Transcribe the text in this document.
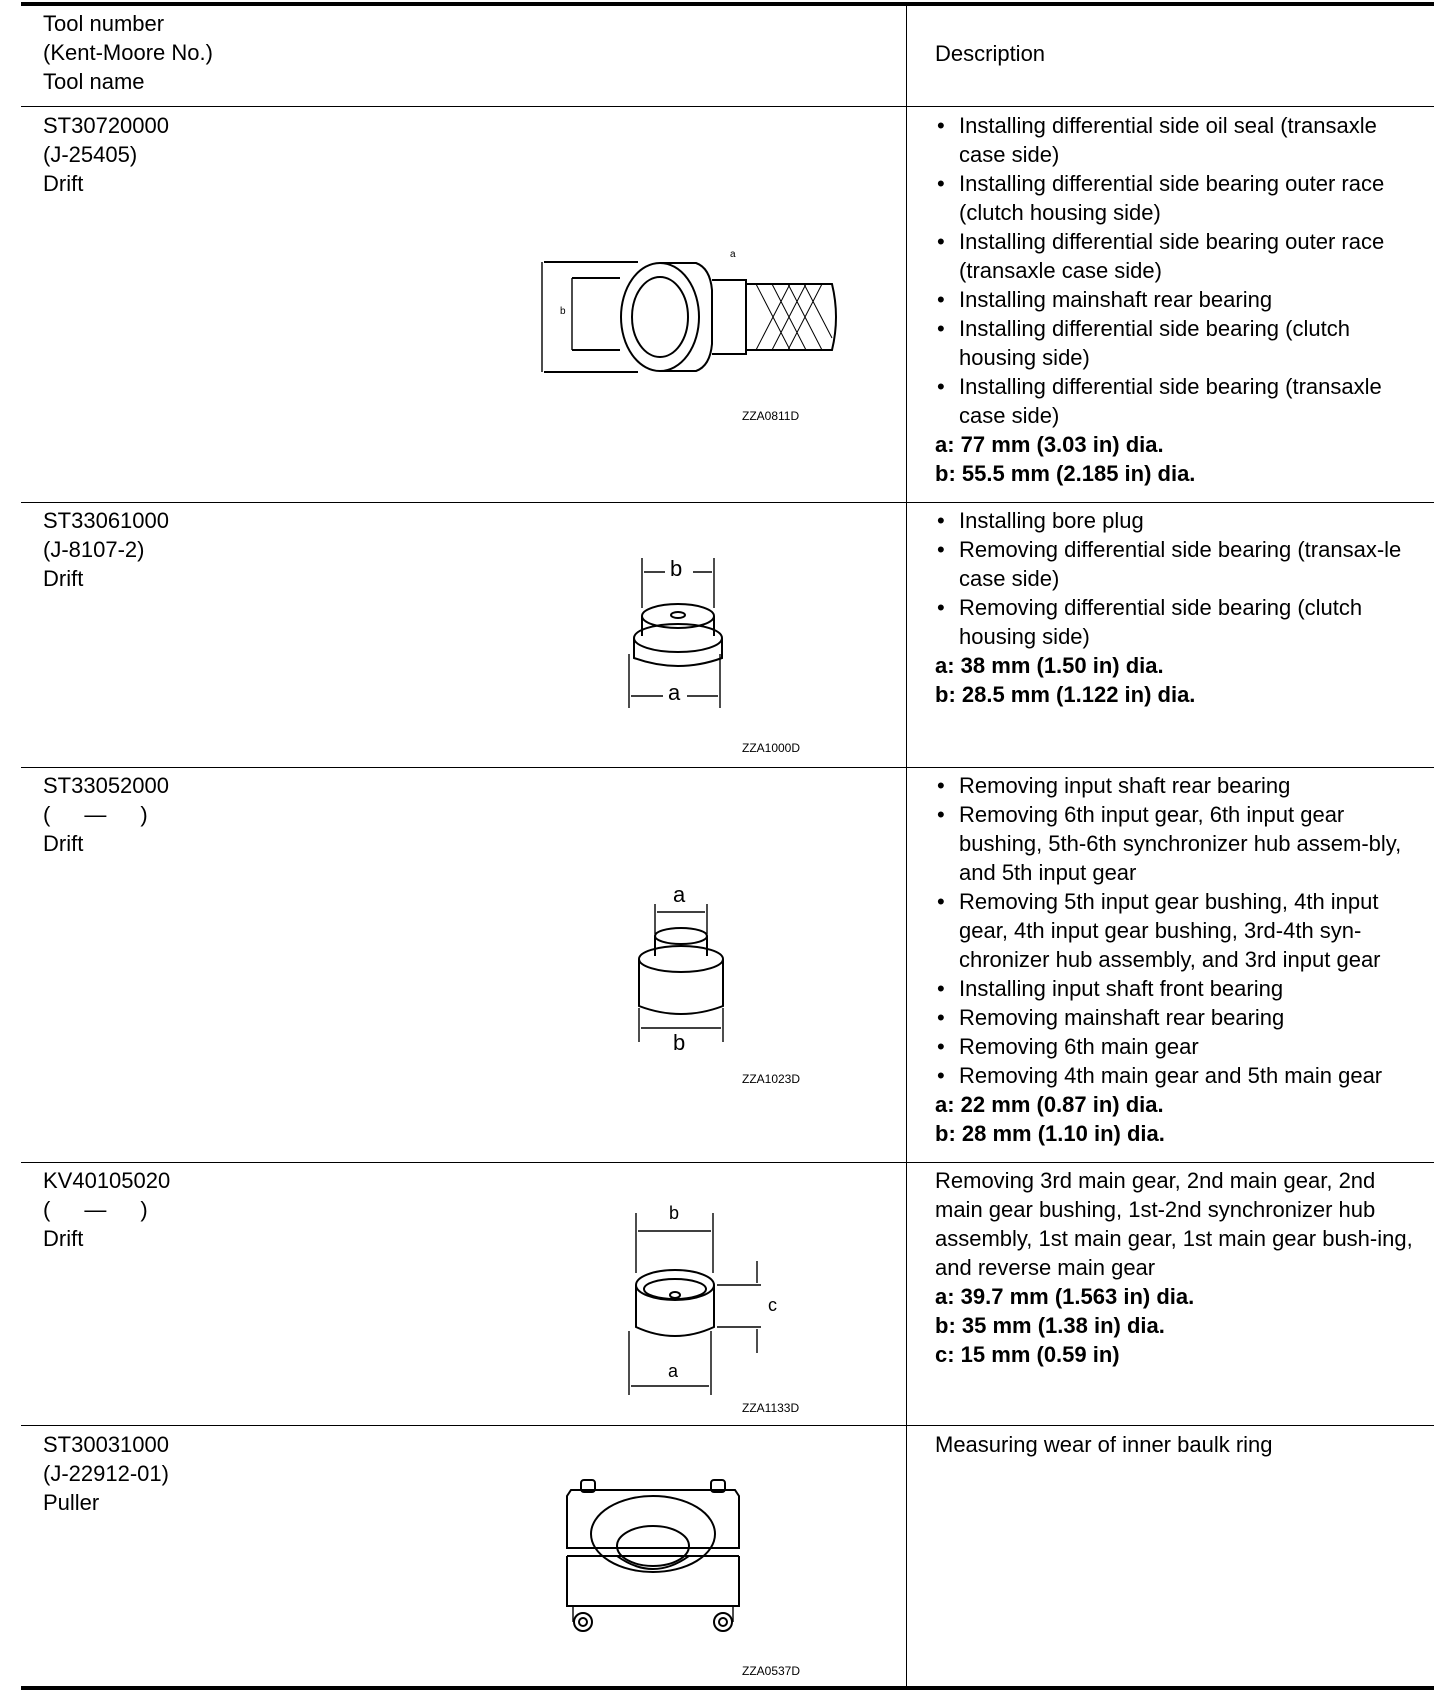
Tool number
(Kent-Moore No.)
Tool name
Description
ST30720000
(J-25405)
Drift
a
b
ZZA0811D
• Installing differential side oil seal (transaxle case side)
• Installing differential side bearing outer race (clutch housing side)
• Installing differential side bearing outer race (transaxle case side)
• Installing mainshaft rear bearing
• Installing differential side bearing (clutch housing side)
• Installing differential side bearing (transaxle case side)
a: 77 mm (3.03 in) dia.
b: 55.5 mm (2.185 in) dia.
ST33061000
(J-8107-2)
Drift	b
a
ZZA1000D
• Installing bore plug
• Removing differential side bearing (transax-le case side)
• Removing differential side bearing (clutch housing side)
a: 38 mm (1.50 in) dia.
b: 28.5 mm (1.122 in) dia.
ST33052000
( — )
Drift
a
b
ZZA1023D
• Removing input shaft rear bearing
• Removing 6th input gear, 6th input gear bushing, 5th-6th synchronizer hub assem-bly, and 5th input gear
• Removing 5th input gear bushing, 4th input gear, 4th input gear bushing, 3rd-4th syn-chronizer hub assembly, and 3rd input gear
• Installing input shaft front bearing
• Removing mainshaft rear bearing
• Removing 6th main gear
• Removing 4th main gear and 5th main gear
a: 22 mm (0.87 in) dia.
b: 28 mm (1.10 in) dia.
KV40105020
( — )
Drift
b
c
a
ZZA1133D
Removing 3rd main gear, 2nd main gear, 2nd main gear bushing, 1st-2nd synchronizer hub assembly, 1st main gear, 1st main gear bush-ing, and reverse main gear
a: 39.7 mm (1.563 in) dia.
b: 35 mm (1.38 in) dia.
c: 15 mm (0.59 in)
ST30031000
(J-22912-01)
Puller
ZZA0537D
Measuring wear of inner baulk ring
